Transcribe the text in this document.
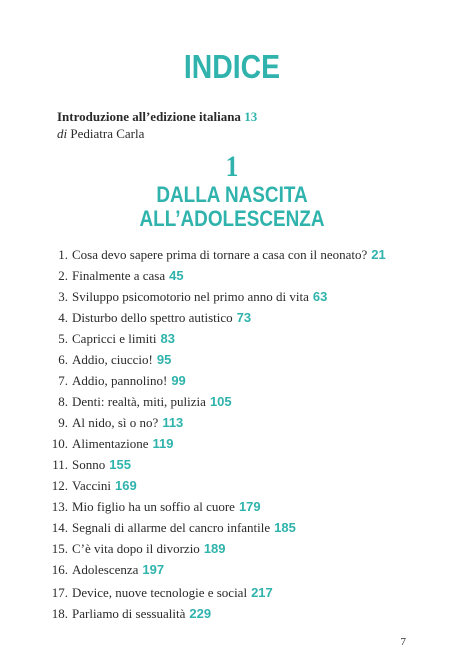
INDICE
Introduzione all’edizione italiana 13
di Pediatra Carla
1
DALLA NASCITA
ALL’ADOLESCENZA
1. Cosa devo sapere prima di tornare a casa con il neonato? 21
2. Finalmente a casa 45
3. Sviluppo psicomotorio nel primo anno di vita 63
4. Disturbo dello spettro autistico 73
5. Capricci e limiti 83
6. Addio, ciuccio! 95
7. Addio, pannolino! 99
8. Denti: realtà, miti, pulizia 105
9. Al nido, sì o no? 113
10. Alimentazione 119
11. Sonno 155
12. Vaccini 169
13. Mio figlio ha un soffio al cuore 179
14. Segnali di allarme del cancro infantile 185
15. C’è vita dopo il divorzio 189
16. Adolescenza 197
17. Device, nuove tecnologie e social 217
18. Parliamo di sessualità 229
7
